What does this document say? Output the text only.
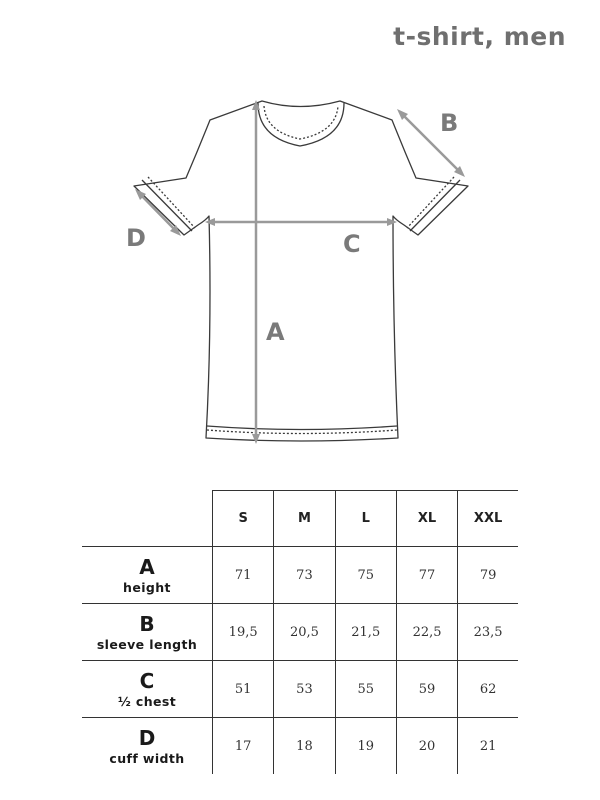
t-shirt, men
A
B
C
D
	S	M	L	XL	XXL

A
height	71	73	75	77	79

B
sleeve length	19,5	20,5	21,5	22,5	23,5

C
½ chest	51	53	55	59	62

D
cuff width	17	18	19	20	21
